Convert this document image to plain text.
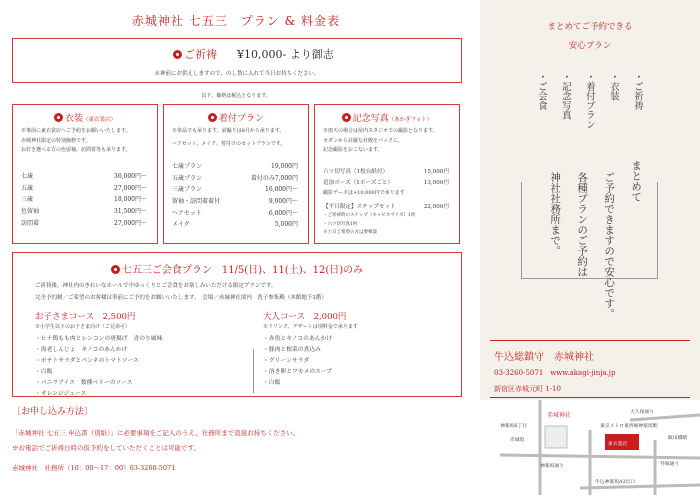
赤城神社 七五三　プラン & 料金表
ご祈祷 ¥10,000- より御志
※神前にお供えしますので、のし袋に入れて当日お持ちください。
以下、価格は税込となります。
衣装（東衣裳店）
※事前に東衣裳店へご予約をお願いいたします。
赤城神社限定の特別価格です。
お好き選べる方の色留袖、訪問着等も承ります。
七歳	36,000円～
五歳	27,000円～
三歳	18,000円～
色留袖	31,500円～
訪問着	27,000円～
着付プラン
※単品でも承ります。前撮りは8月から承ります。
ヘアセット、メイク、着付けのセットプランです。
七歳プラン	19,000円
五歳プラン	着付のみ7,000円
三歳プラン	16,000円～
留袖・訪問着着付	9,000円～
ヘアセット	6,000円～
メイク	5,000円
記念写真（あかぎフォト）
※雨天の場合は屋内スタジオでの撮影となります。
セダンから荘厳な社殿をバックに、
記念撮影をおこないます。
六ツ切写真（1枚台紙付）	15,000円
追加ポーズ（1ポーズごと）	13,000円
撮影データは+10,000円で承ります
【平日限定】ステップセット	22,000円
・ご祈祷時のスナップ（キャビネサイズ）1枚
・六ツ切写真1枚
※土日ご希望の方は要相談
七五三ご会食プラン　11/5(日)、11(土)、12(日)のみ
ご祈祷後、神社内のきれいなホールで中ゆっくりとご会食をお楽しみいただける限定プランです。
完全予約制／ご希望のお客様は事前にご予約をお願いいたします。　会場／赤城神社境内　洗子参集殿（本館地下1階）
お子さまコース　2,500円
※小学生以下のお子さま向け（ご兄弟可）
・ヒナ鶏もも肉とレンコンの唐揚げ　青のり風味
・海老しんじょ　キノコのあんかけ
・ポテトサラダとペンネのトマトソース
・白飯
・バニラアイス　数種ベリーのソース
・オレンジジュース
大人コース　2,000円
※ドリンク、デザートは別料金で承ります
・赤魚とキノコのあんかけ
・豚肉と根菜の煮込み
・グリーンサラダ
・溶き卵とワカメのスープ
・白飯
〔お申し込み方法〕
「赤城神社 七五三 申込書（別紙）」に必要事項をご記入のうえ、社務所まで直接お持ちください。
※お電話でご祈祷日時の仮予約をしていただくことは可能です。
赤城神社　社務所（10：00～17：00）03-3260-5071
まとめてご予約できる
安心プラン
・ご祈祷
・衣装
・着付プラン
・記念写真
・ご会食
まとめて
ご予約できますので安心です。
各種プランのご予約は
神社社務所まで。
牛込総鎮守　赤城神社
03-3260-5071　www.akagi-jinja.jp
新宿区赤城元町 1-10
赤城神社	大久保通り
東京メトロ東西線神楽坂駅
赤城坂
神楽坂通り
飯田橋駅
外堀通り
牛込神楽坂A3出口
東衣裳店
神楽坂6丁目
